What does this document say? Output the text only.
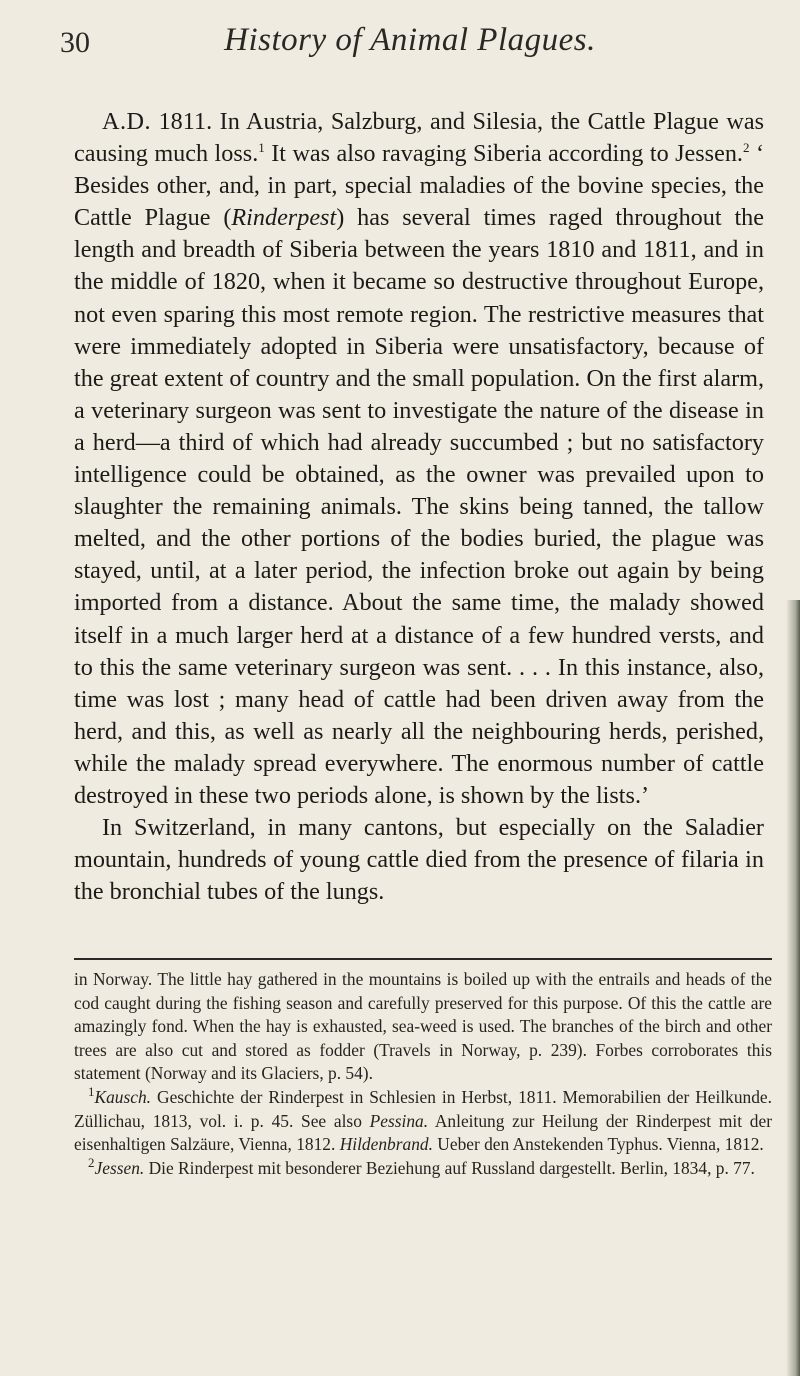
30	History of Animal Plagues.

A.D. 1811. In Austria, Salzburg, and Silesia, the Cattle Plague was causing much loss.$^1$ It was also ravaging Siberia according to Jessen.$^2$ ‘ Besides other, and, in part, special maladies of the bovine species, the Cattle Plague (Rinderpest) has several times raged throughout the length and breadth of Siberia between the years 1810 and 1811, and in the middle of 1820, when it became so destructive throughout Europe, not even sparing this most remote region. The restrictive measures that were immediately adopted in Siberia were unsatisfactory, because of the great extent of country and the small population. On the first alarm, a veterinary surgeon was sent to investigate the nature of the disease in a herd—a third of which had already succumbed ; but no satisfactory intelligence could be obtained, as the owner was prevailed upon to slaughter the remaining animals. The skins being tanned, the tallow melted, and the other portions of the bodies buried, the plague was stayed, until, at a later period, the infection broke out again by being imported from a distance. About the same time, the malady showed itself in a much larger herd at a distance of a few hundred versts, and to this the same veterinary surgeon was sent. . . . In this instance, also, time was lost ; many head of cattle had been driven away from the herd, and this, as well as nearly all the neighbouring herds, perished, while the malady spread everywhere. The enormous number of cattle destroyed in these two periods alone, is shown by the lists.’

In Switzerland, in many cantons, but especially on the Saladier mountain, hundreds of young cattle died from the presence of filaria in the bronchial tubes of the lungs.

in Norway. The little hay gathered in the mountains is boiled up with the entrails and heads of the cod caught during the fishing season and carefully preserved for this purpose. Of this the cattle are amazingly fond. When the hay is exhausted, sea-weed is used. The branches of the birch and other trees are also cut and stored as fodder (Travels in Norway, p. 239). Forbes corroborates this statement (Norway and its Glaciers, p. 54).

$^1$Kausch. Geschichte der Rinderpest in Schlesien in Herbst, 1811. Memorabilien der Heilkunde. Züllichau, 1813, vol. i. p. 45. See also Pessina. Anleitung zur Heilung der Rinderpest mit der eisenhaltigen Salzäure, Vienna, 1812. Hildenbrand. Ueber den Anstekenden Typhus. Vienna, 1812.

$^2$Jessen. Die Rinderpest mit besonderer Beziehung auf Russland dargestellt. Berlin, 1834, p. 77.
